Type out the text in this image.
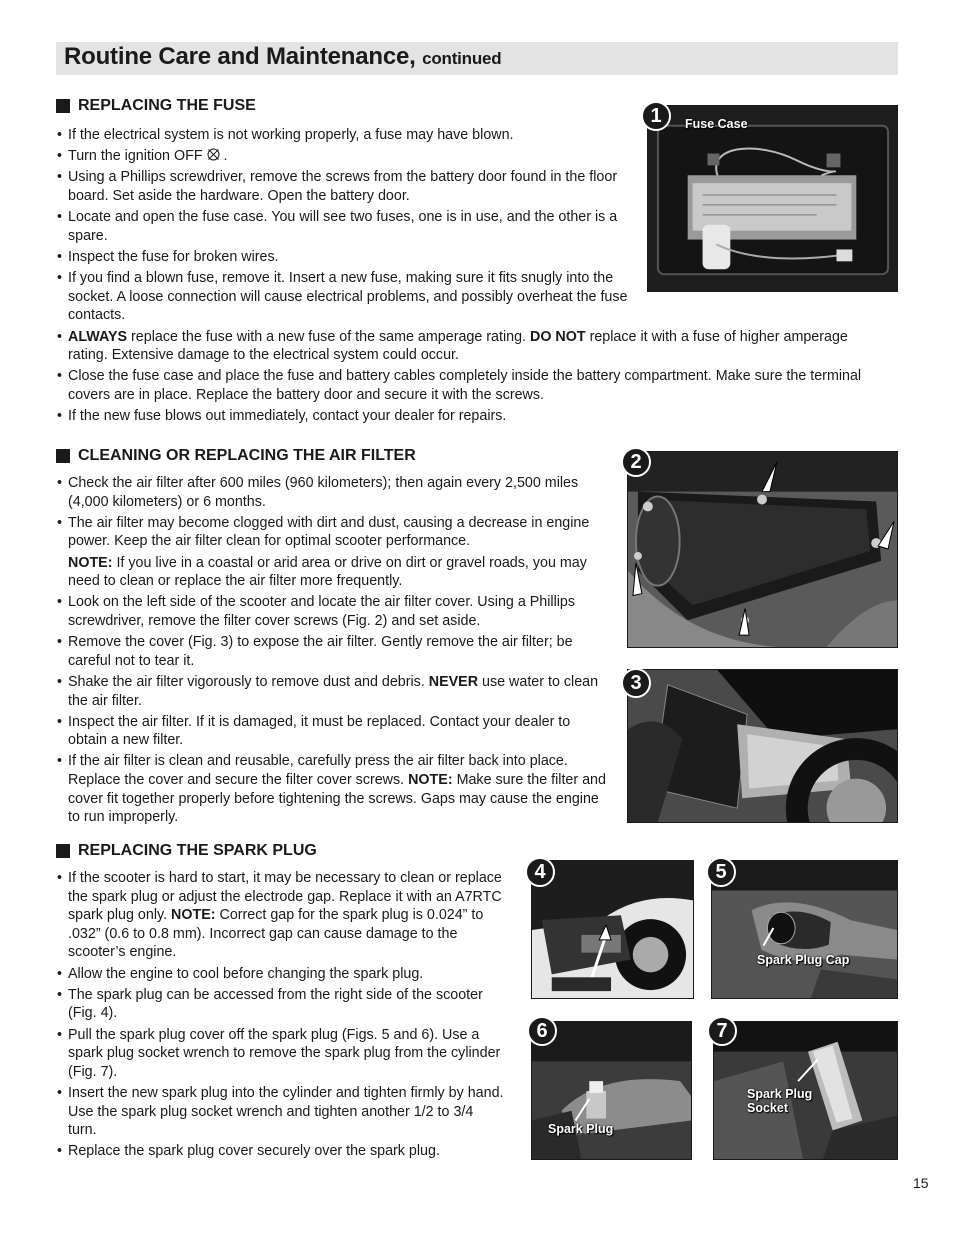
Routine Care and Maintenance, continued
REPLACING THE FUSE
• If the electrical system is not working properly, a fuse may have blown.
• Turn the ignition OFF .
• Using a Phillips screwdriver, remove the screws from the battery door found in the floor board. Set aside the hardware. Open the battery door.
• Locate and open the fuse case. You will see two fuses, one is in use, and the other is a spare.
• Inspect the fuse for broken wires.
• If you find a blown fuse, remove it. Insert a new fuse, making sure it fits snugly into the socket. A loose connection will cause electrical problems, and possibly overheat the fuse contacts.
• ALWAYS replace the fuse with a new fuse of the same amperage rating. DO NOT replace it with a fuse of higher amperage rating. Extensive damage to the electrical system could occur.
• Close the fuse case and place the fuse and battery cables completely inside the battery compartment. Make sure the terminal covers are in place. Replace the battery door and secure it with the screws.
• If the new fuse blows out immediately, contact your dealer for repairs.
1	Fuse Case
CLEANING OR REPLACING THE AIR FILTER
• Check the air filter after 600 miles (960 kilometers); then again every 2,500 miles (4,000 kilometers) or 6 months.
• The air filter may become clogged with dirt and dust, causing a decrease in engine power. Keep the air filter clean for optimal scooter performance.
NOTE: If you live in a coastal or arid area or drive on dirt or gravel roads, you may need to clean or replace the air filter more frequently.
• Look on the left side of the scooter and locate the air filter cover. Using a Phillips screwdriver, remove the filter cover screws (Fig. 2) and set aside.
• Remove the cover (Fig. 3) to expose the air filter. Gently remove the air filter; be careful not to tear it.
• Shake the air filter vigorously to remove dust and debris. NEVER use water to clean the air filter.
• Inspect the air filter. If it is damaged, it must be replaced. Contact your dealer to obtain a new filter.
• If the air filter is clean and reusable, carefully press the air filter back into place. Replace the cover and secure the filter cover screws. NOTE: Make sure the filter and cover fit together properly before tightening the screws. Gaps may cause the engine to run improperly.
2
3
REPLACING THE SPARK PLUG
• If the scooter is hard to start, it may be necessary to clean or replace the spark plug or adjust the electrode gap. Replace it with an A7RTC spark plug only. NOTE: Correct gap for the spark plug is 0.024” to .032” (0.6 to 0.8 mm). Incorrect gap can cause damage to the scooter’s engine.
• Allow the engine to cool before changing the spark plug.
• The spark plug can be accessed from the right side of the scooter (Fig. 4).
• Pull the spark plug cover off the spark plug (Figs. 5 and 6). Use a spark plug socket wrench to remove the spark plug from the cylinder (Fig. 7).
• Insert the new spark plug into the cylinder and tighten firmly by hand. Use the spark plug socket wrench and tighten another 1/2 to 3/4 turn.
• Replace the spark plug cover securely over the spark plug.
4	5
Spark Plug Cap
6
Spark Plug
7
Spark Plug
Socket
15
